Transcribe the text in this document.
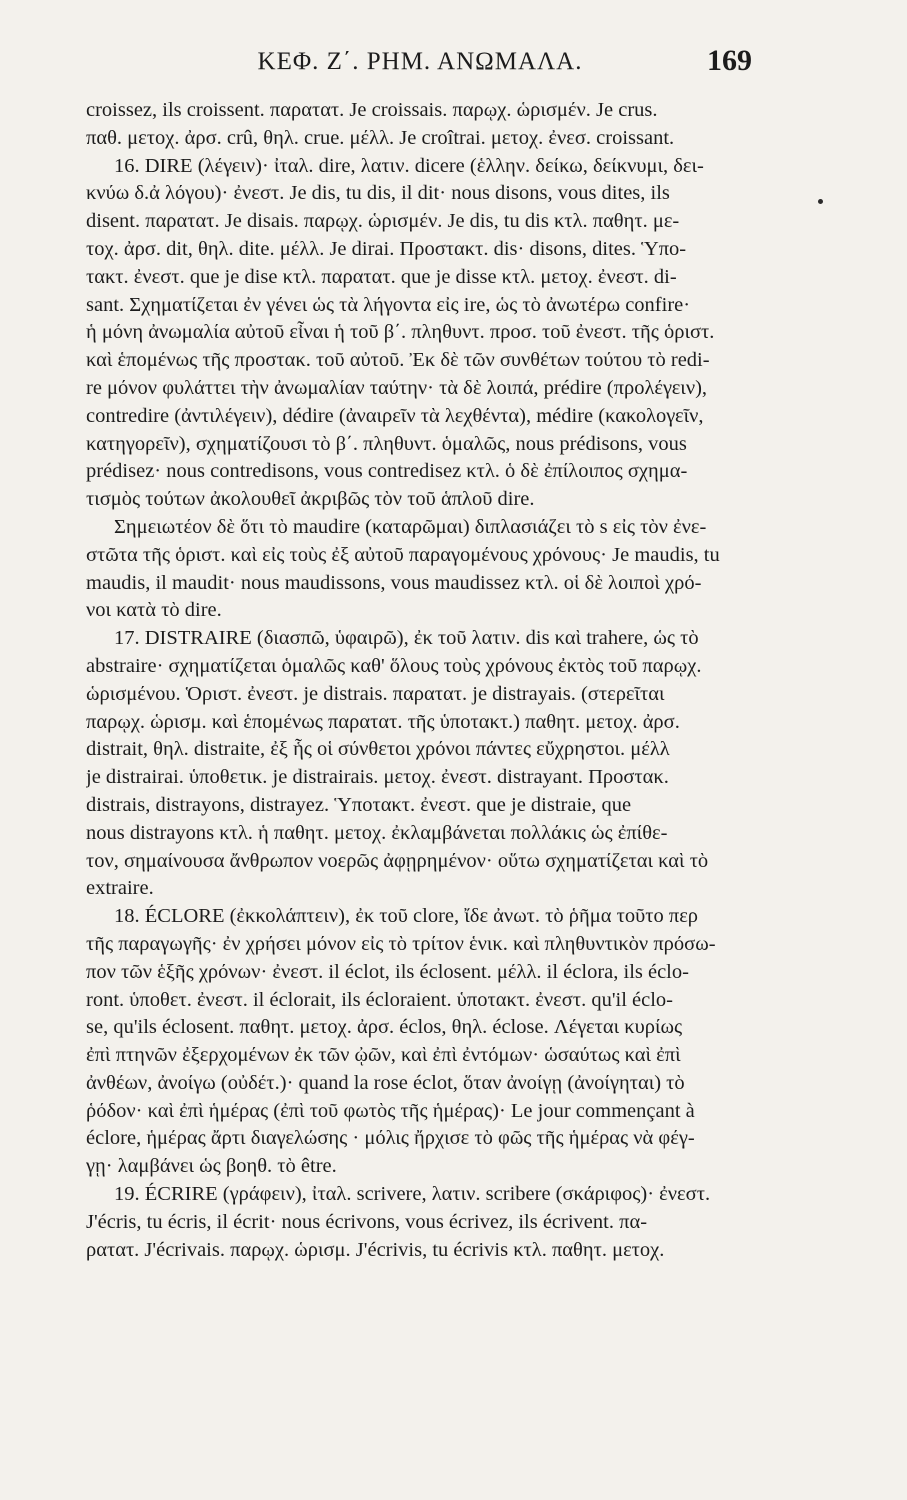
ΚΕΦ. Ζ΄. ΡΗΜ. ΑΝΩΜΑΛΑ.	169
croissez, ils croissent. παρατατ. Je croissais. παρῳχ. ὡρισμέν. Je crus.
παθ. μετοχ. ἀρσ. crû, θηλ. crue. μέλλ. Je croîtrai. μετοχ. ἐνεσ. croissant.
16. DIRE (λέγειν)· ἰταλ. dire, λατιν. dicere (ἑλλην. δείκω, δείκνυμι, δει-
κνύω δ.ἀ λόγου)· ἐνεστ. Je dis, tu dis, il dit· nous disons, vous dites, ils
disent. παρατατ. Je disais. παρῳχ. ὡρισμέν. Je dis, tu dis κτλ. παθητ. με-
τοχ. ἀρσ. dit, θηλ. dite. μέλλ. Je dirai. Προστακτ. dis· disons, dites. Ὑπο-
τακτ. ἐνεστ. que je dise κτλ. παρατατ. que je disse κτλ. μετοχ. ἐνεστ. di-
sant. Σχηματίζεται ἐν γένει ὡς τὰ λήγοντα εἰς ire, ὡς τὸ ἀνωτέρω confire·
ἡ μόνη ἀνωμαλία αὐτοῦ εἶναι ἡ τοῦ β΄. πληθυντ. προσ. τοῦ ἐνεστ. τῆς ὁριστ.
καὶ ἑπομένως τῆς προστακ. τοῦ αὐτοῦ. Ἐκ δὲ τῶν συνθέτων τούτου τὸ redi-
re μόνον φυλάττει τὴν ἀνωμαλίαν ταύτην· τὰ δὲ λοιπά, prédire (προλέγειν),
contredire (ἀντιλέγειν), dédire (ἀναιρεῖν τὰ λεχθέντα), médire (κακολογεῖν,
κατηγορεῖν), σχηματίζουσι τὸ β΄. πληθυντ. ὁμαλῶς, nous prédisons, vous
prédisez· nous contredisons, vous contredisez κτλ. ὁ δὲ ἐπίλοιπος σχημα-
τισμὸς τούτων ἀκολουθεῖ ἀκριβῶς τὸν τοῦ ἁπλοῦ dire.
Σημειωτέον δὲ ὅτι τὸ maudire (καταρῶμαι) διπλασιάζει τὸ s εἰς τὸν ἐνε-
στῶτα τῆς ὁριστ. καὶ εἰς τοὺς ἐξ αὐτοῦ παραγομένους χρόνους· Je maudis, tu
maudis, il maudit· nous maudissons, vous maudissez κτλ. οἱ δὲ λοιποὶ χρό-
νοι κατὰ τὸ dire.
17. DISTRAIRE (διασπῶ, ὑφαιρῶ), ἐκ τοῦ λατιν. dis καὶ trahere, ὡς τὸ
abstraire· σχηματίζεται ὁμαλῶς καθ' ὅλους τοὺς χρόνους ἐκτὸς τοῦ παρῳχ.
ὡρισμένου. Ὁριστ. ἐνεστ. je distrais. παρατατ. je distrayais. (στερεῖται
παρῳχ. ὡρισμ. καὶ ἑπομένως παρατατ. τῆς ὑποτακτ.) παθητ. μετοχ. ἀρσ.
distrait, θηλ. distraite, ἐξ ἧς οἱ σύνθετοι χρόνοι πάντες εὔχρηστοι. μέλλ
je distrairai. ὑποθετικ. je distrairais. μετοχ. ἐνεστ. distrayant. Προστακ.
distrais, distrayons, distrayez. Ὑποτακτ. ἐνεστ. que je distraie, que
nous distrayons κτλ. ἡ παθητ. μετοχ. ἐκλαμβάνεται πολλάκις ὡς ἐπίθε-
τον, σημαίνουσα ἄνθρωπον νοερῶς ἀφῃρημένον· οὕτω σχηματίζεται καὶ τὸ
extraire.
18. ÉCLORE (ἐκκολάπτειν), ἐκ τοῦ clore, ἴδε ἀνωτ. τὸ ῥῆμα τοῦτο περ
τῆς παραγωγῆς· ἐν χρήσει μόνον εἰς τὸ τρίτον ἑνικ. καὶ πληθυντικὸν πρόσω-
πον τῶν ἑξῆς χρόνων· ἐνεστ. il éclot, ils éclosent. μέλλ. il éclora, ils éclo-
ront. ὑποθετ. ἐνεστ. il éclorait, ils écloraient. ὑποτακτ. ἐνεστ. qu'il éclo-
se, qu'ils éclosent. παθητ. μετοχ. ἀρσ. éclos, θηλ. éclose. Λέγεται κυρίως
ἐπὶ πτηνῶν ἐξερχομένων ἐκ τῶν ᾠῶν, καὶ ἐπὶ ἐντόμων· ὡσαύτως καὶ ἐπὶ
ἀνθέων, ἀνοίγω (οὐδέτ.)· quand la rose éclot, ὅταν ἀνοίγῃ (ἀνοίγηται) τὸ
ῥόδον· καὶ ἐπὶ ἡμέρας (ἐπὶ τοῦ φωτὸς τῆς ἡμέρας)· Le jour commençant à
éclore, ἡμέρας ἄρτι διαγελώσης · μόλις ἤρχισε τὸ φῶς τῆς ἡμέρας νὰ φέγ-
γῃ· λαμβάνει ὡς βοηθ. τὸ être.
19. ÉCRIRE (γράφειν), ἰταλ. scrivere, λατιν. scribere (σκάριφος)· ἐνεστ.
J'écris, tu écris, il écrit· nous écrivons, vous écrivez, ils écrivent. πα-
ρατατ. J'écrivais. παρῳχ. ὡρισμ. J'écrivis, tu écrivis κτλ. παθητ. μετοχ.
